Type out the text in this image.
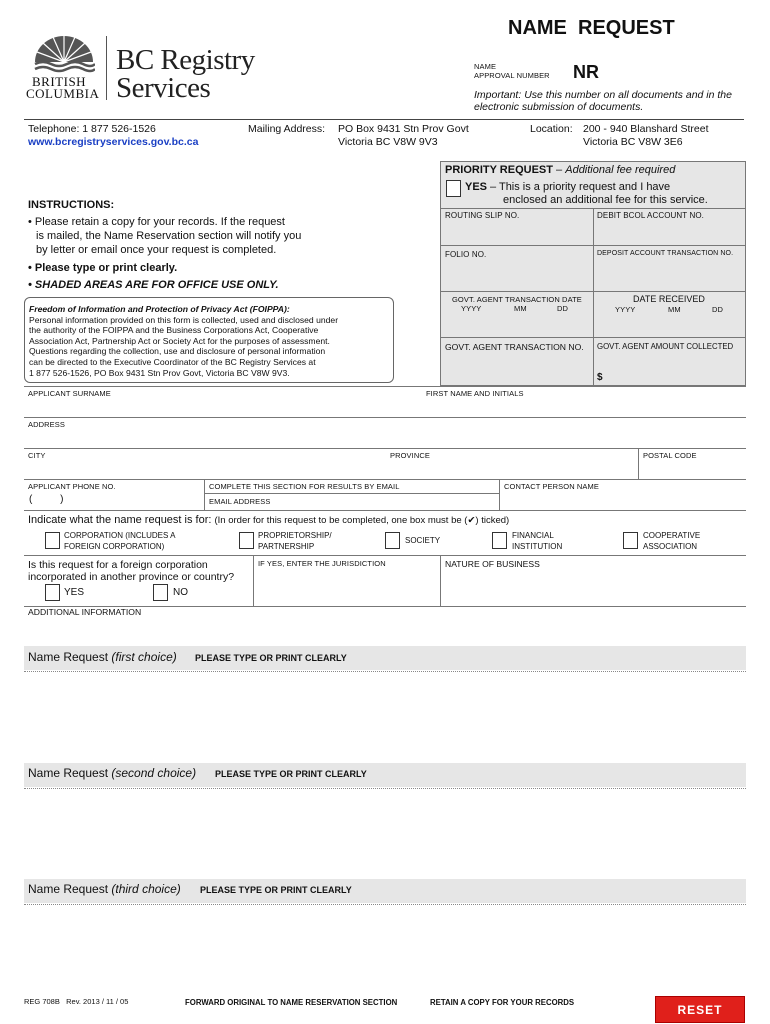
BRITISH
COLUMBIA
BC Registry
Services
NAME  REQUEST
NAME
APPROVAL NUMBER NR
Important: Use this number on all documents and in the
electronic submission of documents.
Telephone: 1 877 526-1526
www.bcregistryservices.gov.bc.ca
Mailing Address: PO Box 9431 Stn Prov Govt
Victoria BC V8W 9V3
Location: 200 - 940 Blanshard Street
Victoria BC V8W 3E6
INSTRUCTIONS:
• Please retain a copy for your records. If the request
is mailed, the Name Reservation section will notify you
by letter or email once your request is completed.
• Please type or print clearly.
• SHADED AREAS ARE FOR OFFICE USE ONLY.
Freedom of Information and Protection of Privacy Act (FOIPPA):
Personal information provided on this form is collected, used and disclosed under
the authority of the FOIPPA and the Business Corporations Act, Cooperative
Association Act, Partnership Act or Society Act for the purposes of assessment.
Questions regarding the collection, use and disclosure of personal information
can be directed to the Executive Coordinator of the BC Registry Services at
1 877 526-1526, PO Box 9431 Stn Prov Govt, Victoria BC V8W 9V3.
PRIORITY REQUEST – Additional fee required
YES – This is a priority request and I have
enclosed an additional fee for this service.
ROUTING SLIP NO.	DEBIT BCOL ACCOUNT NO.
FOLIO NO.	DEPOSIT ACCOUNT TRANSACTION NO.
GOVT. AGENT TRANSACTION DATE
YYYY	MM	DD
DATE RECEIVED
YYYY	MM	DD
GOVT. AGENT TRANSACTION NO. GOVT. AGENT AMOUNT COLLECTED
$
APPLICANT SURNAME	FIRST NAME AND INITIALS
ADDRESS
CITY	PROVINCE	POSTAL CODE
APPLICANT PHONE NO.
(          )
COMPLETE THIS SECTION FOR RESULTS BY EMAIL
EMAIL ADDRESS
CONTACT PERSON NAME
Indicate what the name request is for: (In order for this request to be completed, one box must be (✔) ticked)
CORPORATION (INCLUDES A
FOREIGN CORPORATION)
PROPRIETORSHIP/
PARTNERSHIP
SOCIETY
FINANCIAL
INSTITUTION
COOPERATIVE
ASSOCIATION
Is this request for a foreign corporation
incorporated in another province or country?
YES	NO
IF YES, ENTER THE JURISDICTION	NATURE OF BUSINESS
ADDITIONAL INFORMATION
Name Request (first choice) PLEASE TYPE OR PRINT CLEARLY
Name Request (second choice) PLEASE TYPE OR PRINT CLEARLY
Name Request (third choice) PLEASE TYPE OR PRINT CLEARLY
REG 708B   Rev. 2013 / 11 / 05	FORWARD ORIGINAL TO NAME RESERVATION SECTION	RETAIN A COPY FOR YOUR RECORDS
RESET
